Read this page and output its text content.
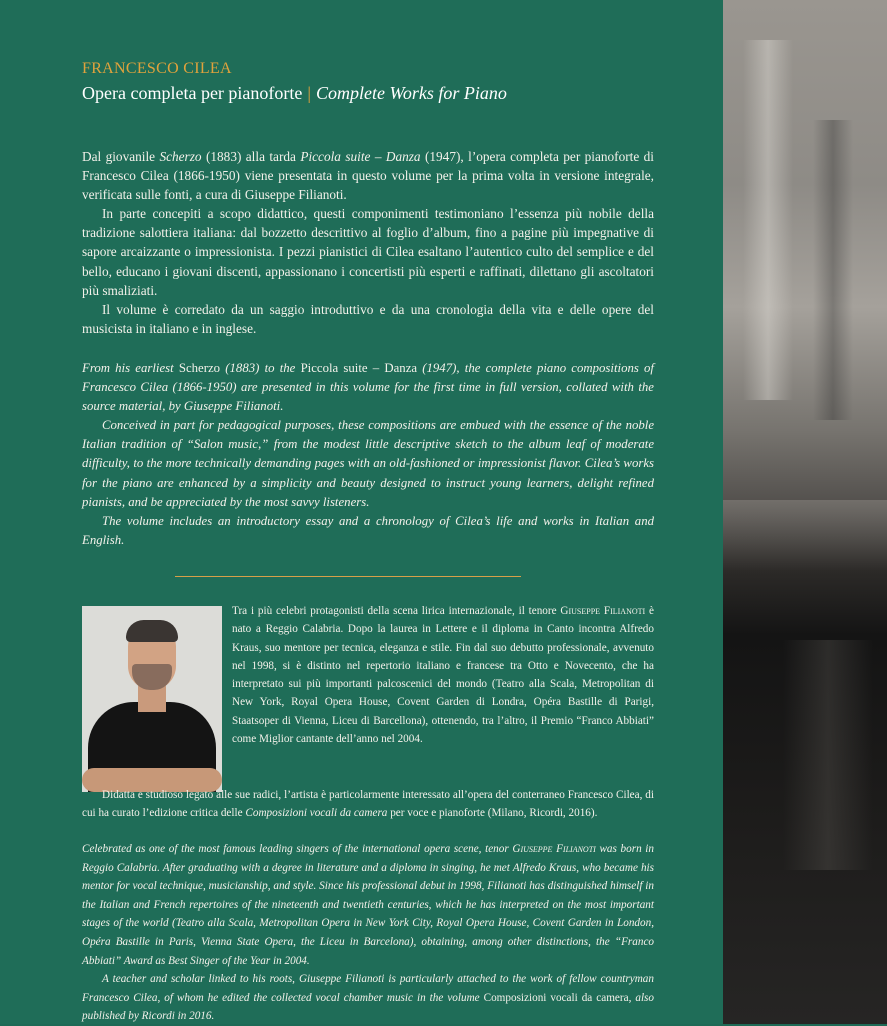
FRANCESCO CILEA
Opera completa per pianoforte | Complete Works for Piano

Dal giovanile Scherzo (1883) alla tarda Piccola suite – Danza (1947), l’opera completa per pianoforte di Francesco Cilea (1866-1950) viene presentata in questo volume per la prima volta in versione integrale, verificata sulle fonti, a cura di Giuseppe Filianoti.

In parte concepiti a scopo didattico, questi componimenti testimoniano l’essenza più nobile della tradizione salottiera italiana: dal bozzetto descrittivo al foglio d’album, fino a pagine più impegnative di sapore arcaizzante o impressionista. I pezzi pianistici di Cilea esaltano l’autentico culto del semplice e del bello, educano i giovani discenti, appassionano i concertisti più esperti e raffinati, dilettano gli ascoltatori più smaliziati.

Il volume è corredato da un saggio introduttivo e da una cronologia della vita e delle opere del musicista in italiano e in inglese.

From his earliest Scherzo (1883) to the Piccola suite – Danza (1947), the complete piano compositions of Francesco Cilea (1866-1950) are presented in this volume for the first time in full version, collated with the source material, by Giuseppe Filianoti.

Conceived in part for pedagogical purposes, these compositions are embued with the essence of the noble Italian tradition of “Salon music,” from the modest little descriptive sketch to the album leaf of moderate difficulty, to the more technically demanding pages with an old-fashioned or impressionist flavor. Cilea’s works for the piano are enhanced by a simplicity and beauty designed to instruct young learners, delight refined pianists, and be appreciated by the most savvy listeners.

The volume includes an introductory essay and a chronology of Cilea’s life and works in Italian and English.

Tra i più celebri protagonisti della scena lirica internazionale, il tenore Giuseppe Filianoti è nato a Reggio Calabria. Dopo la laurea in Lettere e il diploma in Canto incontra Alfredo Kraus, suo mentore per tecnica, eleganza e stile. Fin dal suo debutto professionale, avvenuto nel 1998, si è distinto nel repertorio italiano e francese tra Otto e Novecento, che ha interpretato sui più importanti palcoscenici del mondo (Teatro alla Scala, Metropolitan di New York, Royal Opera House, Covent Garden di Londra, Opéra Bastille di Parigi, Staatsoper di Vienna, Liceu di Barcellona), ottenendo, tra l’altro, il Premio “Franco Abbiati” come Miglior cantante dell’anno nel 2004.

Didatta e studioso legato alle sue radici, l’artista è particolarmente interessato all’opera del conterraneo Francesco Cilea, di cui ha curato l’edizione critica delle Composizioni vocali da camera per voce e pianoforte (Milano, Ricordi, 2016).

Celebrated as one of the most famous leading singers of the international opera scene, tenor Giuseppe Filianoti was born in Reggio Calabria. After graduating with a degree in literature and a diploma in singing, he met Alfredo Kraus, who became his mentor for vocal technique, musicianship, and style. Since his professional debut in 1998, Filianoti has distinguished himself in the Italian and French repertoires of the nineteenth and twentieth centuries, which he has interpreted on the most important stages of the world (Teatro alla Scala, Metropolitan Opera in New York City, Royal Opera House, Covent Garden in London, Opéra Bastille in Paris, Vienna State Opera, the Liceu in Barcelona), obtaining, among other distinctions, the “Franco Abbiati” Award as Best Singer of the Year in 2004.

A teacher and scholar linked to his roots, Giuseppe Filianoti is particularly attached to the work of fellow countryman Francesco Cilea, of whom he edited the collected vocal chamber music in the volume Composizioni vocali da camera, also published by Ricordi in 2016.
